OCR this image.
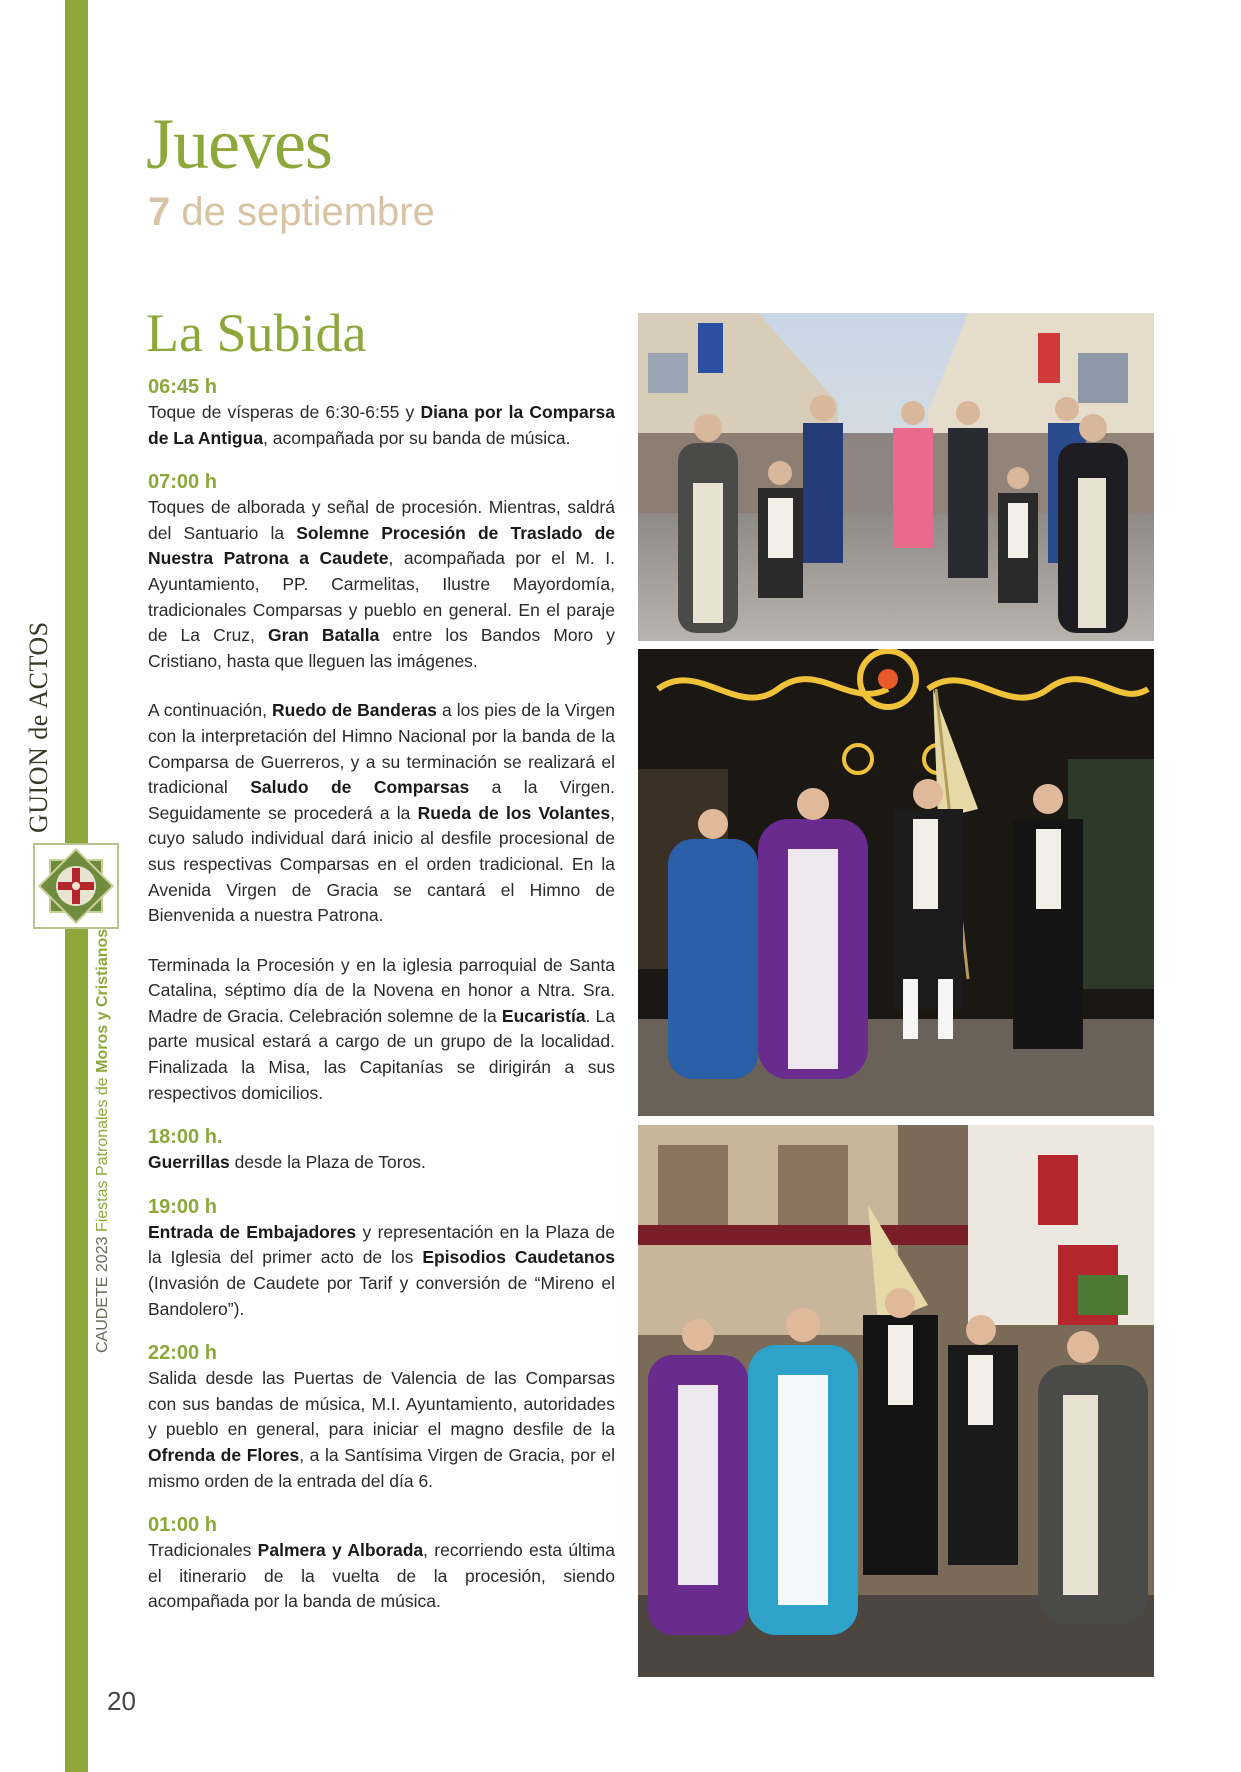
GUION de ACTOS
CAUDETE 2023 Fiestas Patronales de Moros y Cristianos
20
Jueves
7 de septiembre
La Subida
06:45 h

Toque de vísperas de 6:30-6:55 y Diana por la Comparsa de La Antigua, acompañada por su banda de música.

07:00 h

Toques de alborada y señal de procesión. Mientras, saldrá del Santuario la Solemne Procesión de Traslado de Nuestra Patrona a Caudete, acompañada por el M. I. Ayuntamiento, PP. Carmelitas, Ilustre Mayordomía, tradicionales Comparsas y pueblo en general. En el paraje de La Cruz, Gran Batalla entre los Bandos Moro y Cristiano, hasta que lleguen las imágenes.

A continuación, Ruedo de Banderas a los pies de la Virgen con la interpretación del Himno Nacional por la banda de la Comparsa de Guerreros, y a su terminación se realizará el tradicional Saludo de Comparsas a la Virgen. Seguidamente se procederá a la Rueda de los Volantes, cuyo saludo individual dará inicio al desfile procesional de sus respectivas Comparsas en el orden tradicional. En la Avenida Virgen de Gracia se cantará el Himno de Bienvenida a nuestra Patrona.

Terminada la Procesión y en la iglesia parroquial de Santa Catalina, séptimo día de la Novena en honor a Ntra. Sra. Madre de Gracia. Celebración solemne de la Eucaristía. La parte musical estará a cargo de un grupo de la localidad. Finalizada la Misa, las Capitanías se dirigirán a sus respectivos domicilios.

18:00 h.

Guerrillas desde la Plaza de Toros.

19:00 h

Entrada de Embajadores y representación en la Plaza de la Iglesia del primer acto de los Episodios Caudetanos (Invasión de Caudete por Tarif y conversión de “Mireno el Bandolero”).

22:00 h

Salida desde las Puertas de Valencia de las Comparsas con sus bandas de música, M.I. Ayuntamiento, autoridades y pueblo en general, para iniciar el magno desfile de la Ofrenda de Flores, a la Santísima Virgen de Gracia, por el mismo orden de la entrada del día 6.

01:00 h

Tradicionales Palmera y Alborada, recorriendo esta última el itinerario de la vuelta de la procesión, siendo acompañada por la banda de música.
